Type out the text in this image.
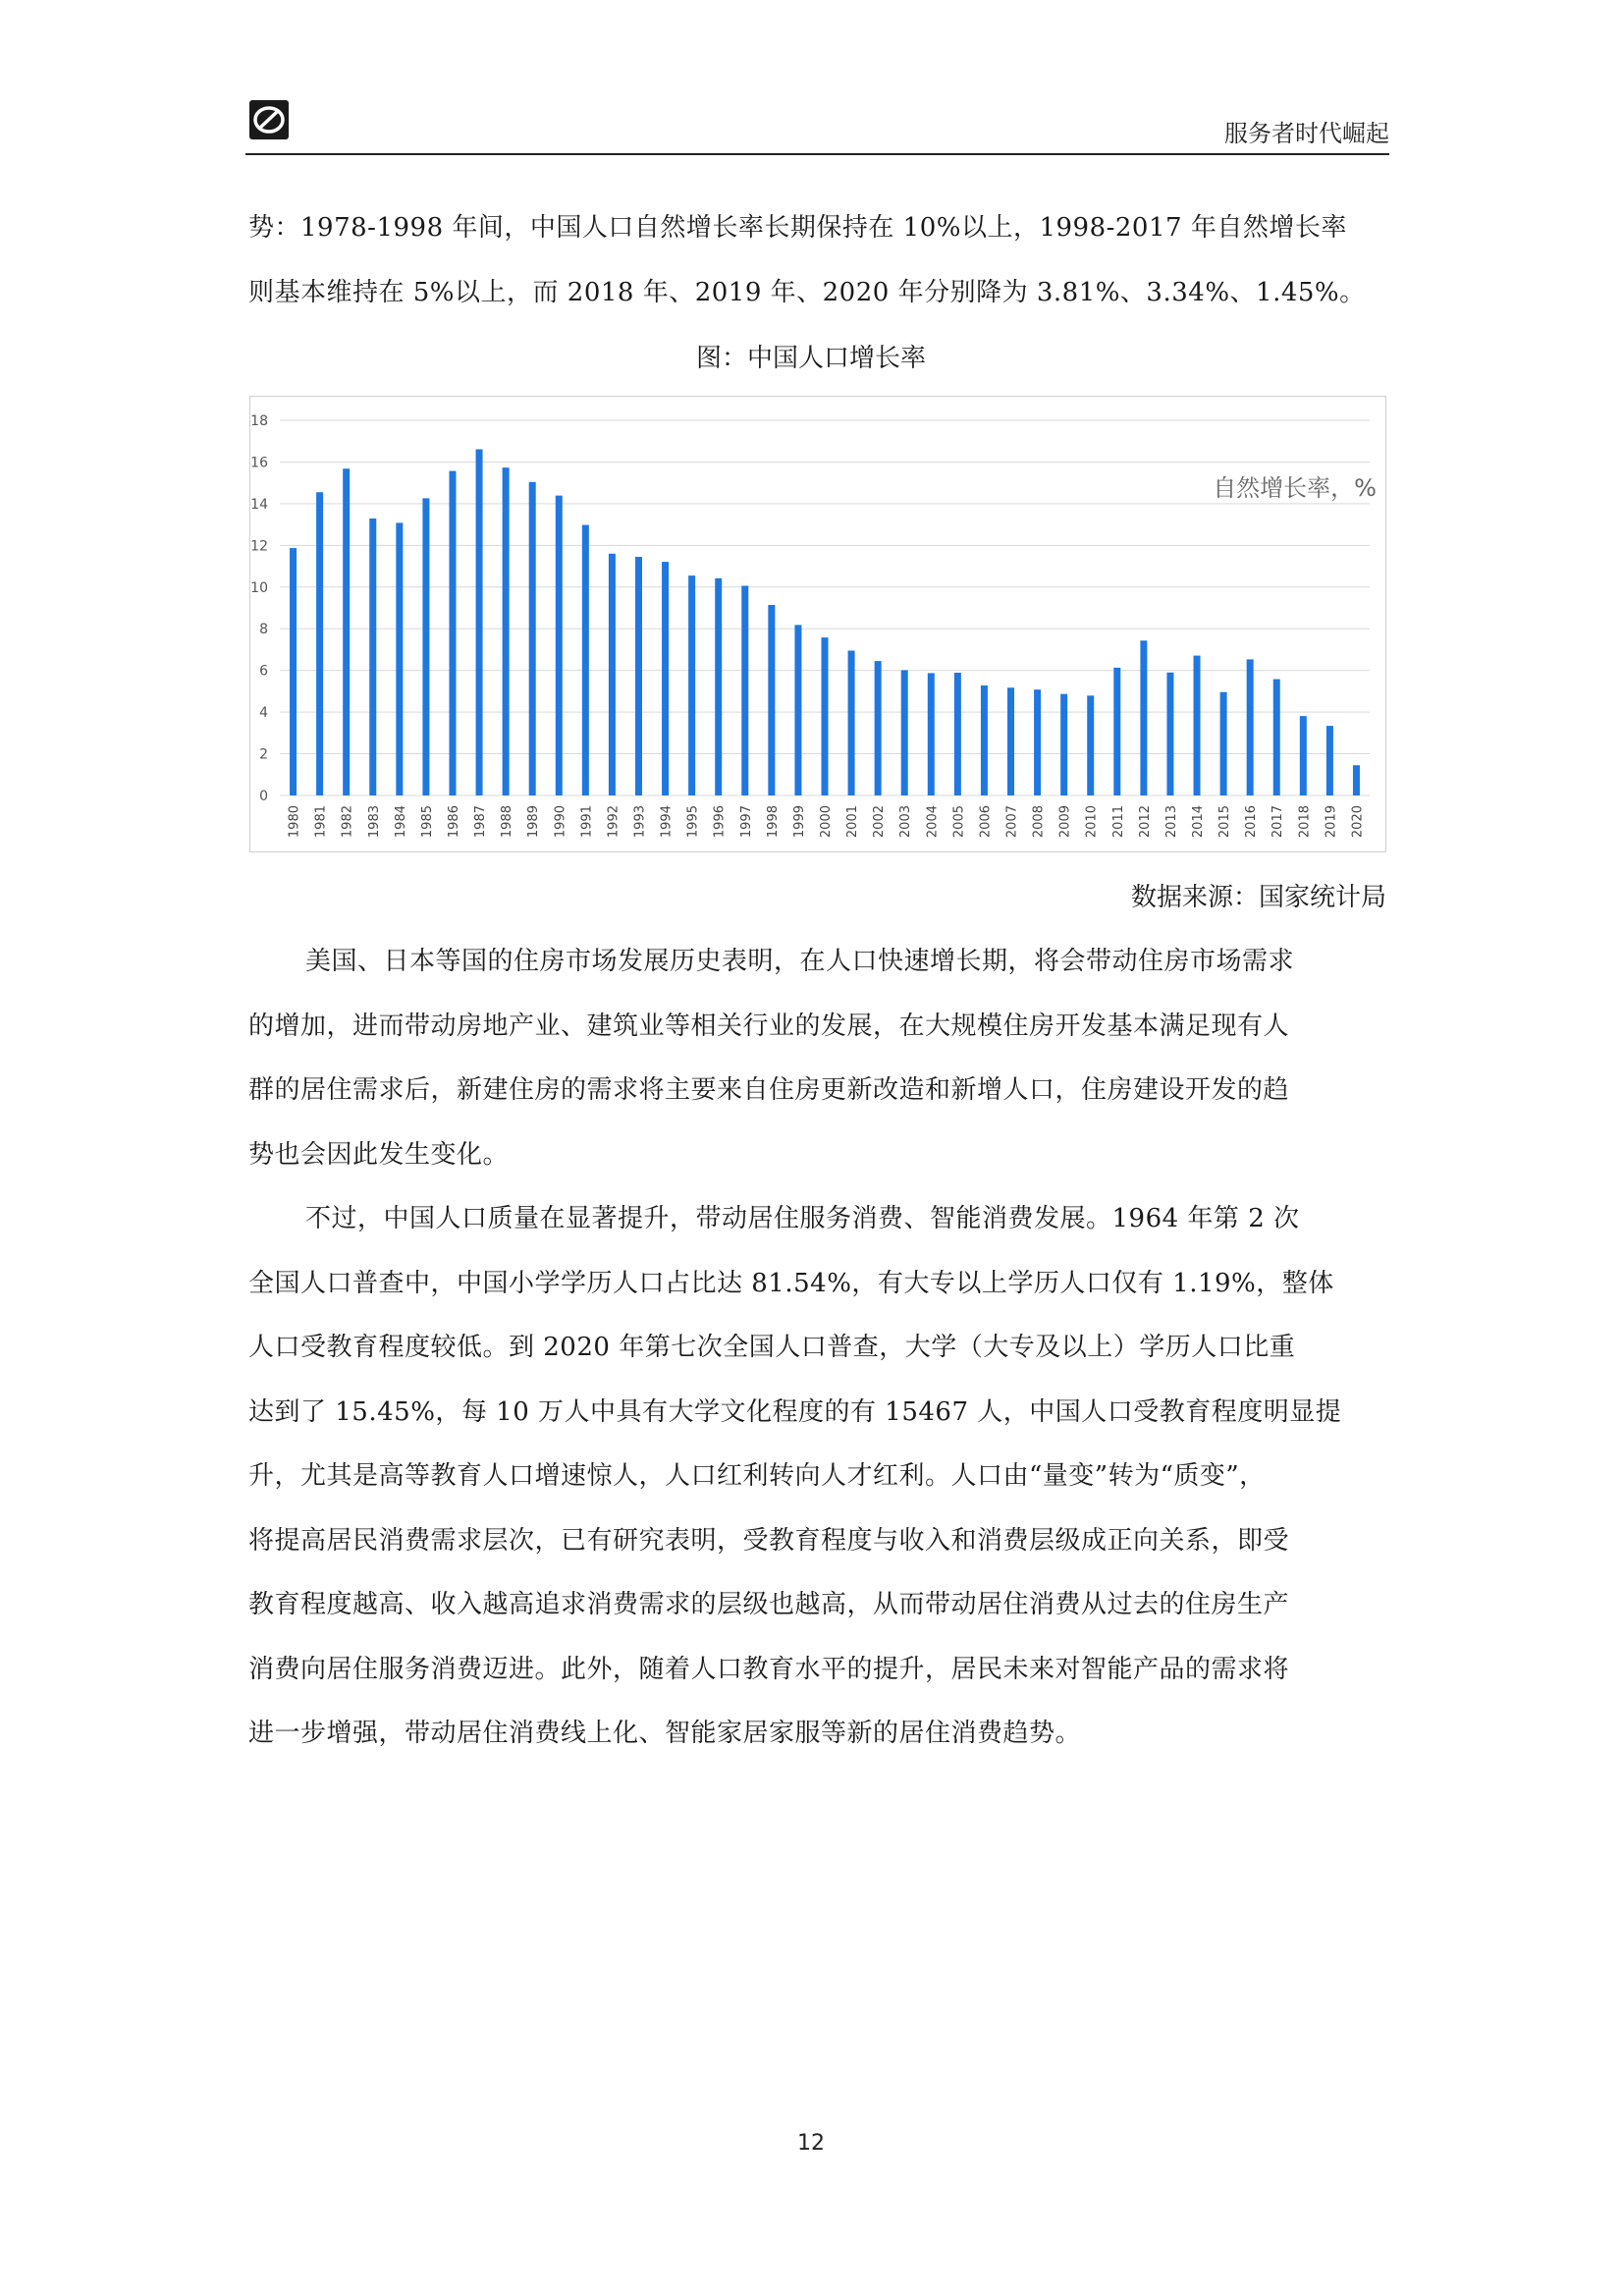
服务者时代崛起

势：1978-1998 年间，中国人口自然增长率长期保持在 10%以上，1998-2017 年自然增长率
则基本维持在 5%以上，而 2018 年、2019 年、2020 年分别降为 3.81%、3.34%、1.45%。

图：中国人口增长率
0
2
4
6
8
10
12
14
16
18
1980 1981 1982 1983 1984 1985 1986 1987 1988 1989 1990 1991 1992 1993 1994 1995 1996 1997 1998 1999 2000 2001 2002 2003 2004 2005 2006 2007 2008 2009 2010 2011 2012 2013 2014 2015 2016 2017 2018 2019 2020
自然增长率，%
数据来源：国家统计局

美国、日本等国的住房市场发展历史表明，在人口快速增长期，将会带动住房市场需求
的增加，进而带动房地产业、建筑业等相关行业的发展，在大规模住房开发基本满足现有人
群的居住需求后，新建住房的需求将主要来自住房更新改造和新增人口，住房建设开发的趋
势也会因此发生变化。

不过，中国人口质量在显著提升，带动居住服务消费、智能消费发展。1964 年第 2 次
全国人口普查中，中国小学学历人口占比达 81.54%，有大专以上学历人口仅有 1.19%，整体
人口受教育程度较低。到 2020 年第七次全国人口普查，大学（大专及以上）学历人口比重
达到了 15.45%，每 10 万人中具有大学文化程度的有 15467 人，中国人口受教育程度明显提
升，尤其是高等教育人口增速惊人，人口红利转向人才红利。人口由“量变”转为“质变”，
将提高居民消费需求层次，已有研究表明，受教育程度与收入和消费层级成正向关系，即受
教育程度越高、收入越高追求消费需求的层级也越高，从而带动居住消费从过去的住房生产
消费向居住服务消费迈进。此外，随着人口教育水平的提升，居民未来对智能产品的需求将
进一步增强，带动居住消费线上化、智能家居家服等新的居住消费趋势。

12
